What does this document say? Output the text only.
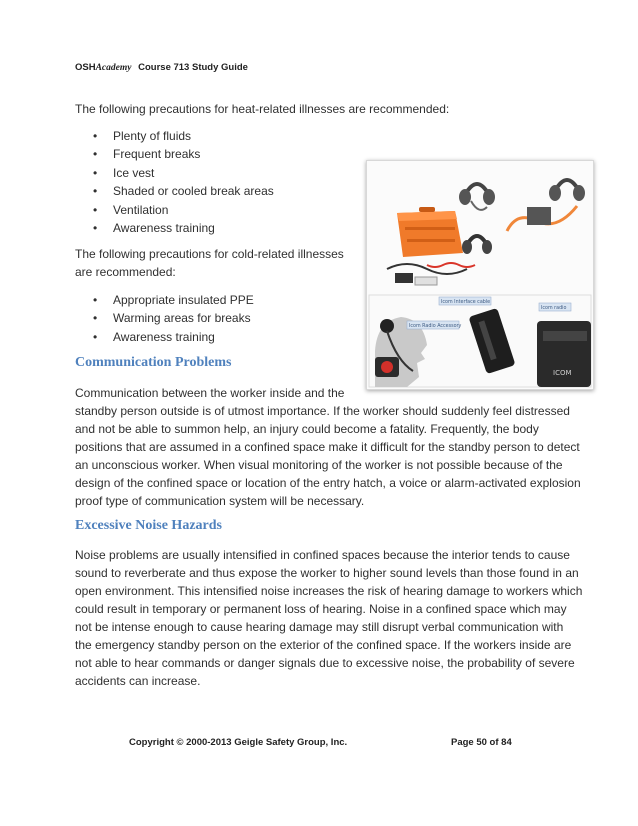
OSHAcademy Course 713 Study Guide
The following precautions for heat-related illnesses are recommended:
• Plenty of fluids
• Frequent breaks
• Ice vest
• Shaded or cooled break areas
• Ventilation
• Awareness training
The following precautions for cold-related illnesses
are recommended:
• Appropriate insulated PPE
• Warming areas for breaks
• Awareness training
Communication Problems
Communication between the worker inside and the
standby person outside is of utmost importance. If the worker should suddenly feel distressed
and not be able to summon help, an injury could become a fatality. Frequently, the body
positions that are assumed in a confined space make it difficult for the standby person to detect
an unconscious worker. When visual monitoring of the worker is not possible because of the
design of the confined space or location of the entry hatch, a voice or alarm-activated explosion
proof type of communication system will be necessary.
Excessive Noise Hazards
Noise problems are usually intensified in confined spaces because the interior tends to cause
sound to reverberate and thus expose the worker to higher sound levels than those found in an
open environment. This intensified noise increases the risk of hearing damage to workers which
could result in temporary or permanent loss of hearing. Noise in a confined space which may
not be intense enough to cause hearing damage may still disrupt verbal communication with
the emergency standby person on the exterior of the confined space. If the workers inside are
not able to hear commands or danger signals due to excessive noise, the probability of severe
accidents can increase.
ICOM
Icom Interface cable
Icom radio
Icom Radio Accessory
Copyright © 2000-2013 Geigle Safety Group, Inc.	Page 50 of 84
